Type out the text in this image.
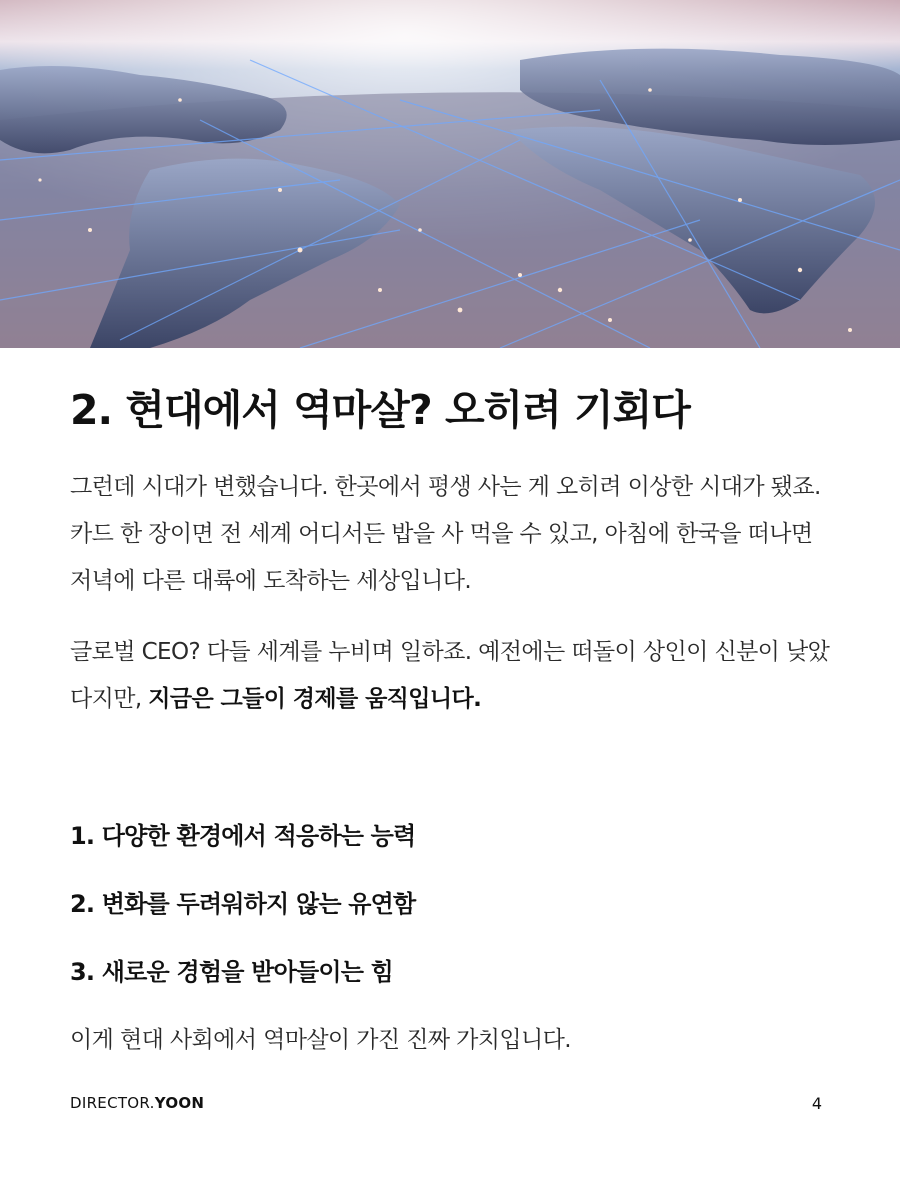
2. 현대에서 역마살? 오히려 기회다

그런데 시대가 변했습니다. 한곳에서 평생 사는 게 오히려 이상한 시대가 됐죠. 카드 한 장이면 전 세계 어디서든 밥을 사 먹을 수 있고, 아침에 한국을 떠나면 저녁에 다른 대륙에 도착하는 세상입니다.

글로벌 CEO? 다들 세계를 누비며 일하죠. 예전에는 떠돌이 상인이 신분이 낮았다지만, 지금은 그들이 경제를 움직입니다.

1. 다양한 환경에서 적응하는 능력

2. 변화를 두려워하지 않는 유연함

3. 새로운 경험을 받아들이는 힘

이게 현대 사회에서 역마살이 가진 진짜 가치입니다.

DIRECTOR.YOON	4
